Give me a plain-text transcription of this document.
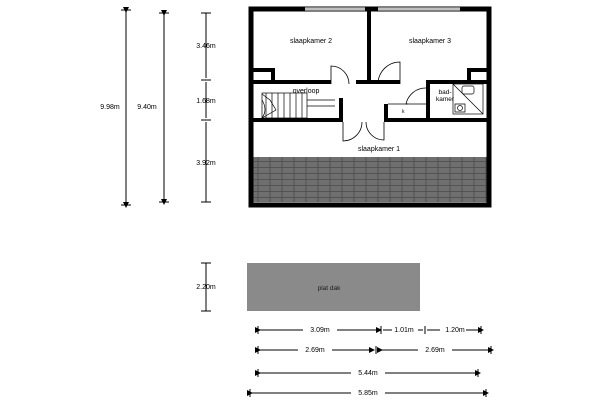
9.98m	9.40m
3.46m
1.68m
3.92m
2.20m
k
slaapkamer 2	slaapkamer 3
overloop	bad-
kamer
slaapkamer 1
plat dak
3.09m	1.01m	1.20m
2.69m	2.69m
5.44m
5.85m
